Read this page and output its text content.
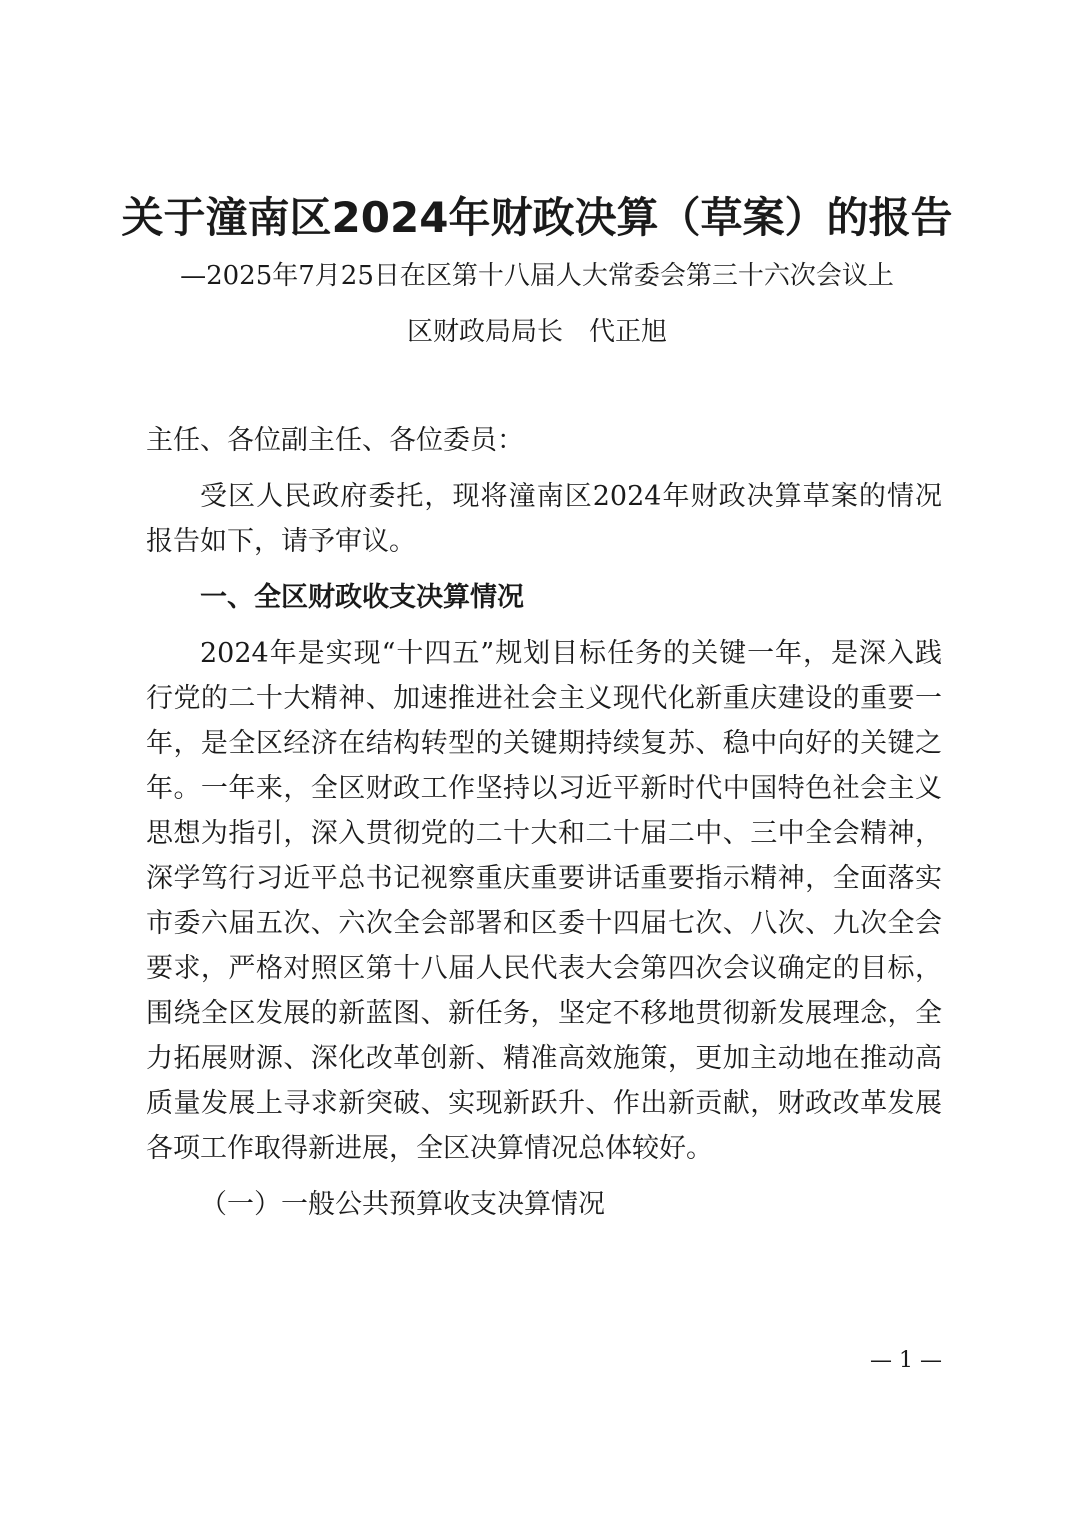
关于潼南区2024年财政决算（草案）的报告
—2025年7月25日在区第十八届人大常委会第三十六次会议上
区财政局局长　代正旭

主任、各位副主任、各位委员：

受区人民政府委托，现将潼南区2024年财政决算草案的情况报告如下，请予审议。

一、全区财政收支决算情况

2024年是实现“十四五”规划目标任务的关键一年，是深入践行党的二十大精神、加速推进社会主义现代化新重庆建设的重要一年，是全区经济在结构转型的关键期持续复苏、稳中向好的关键之年。一年来，全区财政工作坚持以习近平新时代中国特色社会主义思想为指引，深入贯彻党的二十大和二十届二中、三中全会精神，深学笃行习近平总书记视察重庆重要讲话重要指示精神，全面落实市委六届五次、六次全会部署和区委十四届七次、八次、九次全会要求，严格对照区第十八届人民代表大会第四次会议确定的目标，围绕全区发展的新蓝图、新任务，坚定不移地贯彻新发展理念，全力拓展财源、深化改革创新、精准高效施策，更加主动地在推动高质量发展上寻求新突破、实现新跃升、作出新贡献，财政改革发展各项工作取得新进展，全区决算情况总体较好。

（一）一般公共预算收支决算情况

— 1 —
